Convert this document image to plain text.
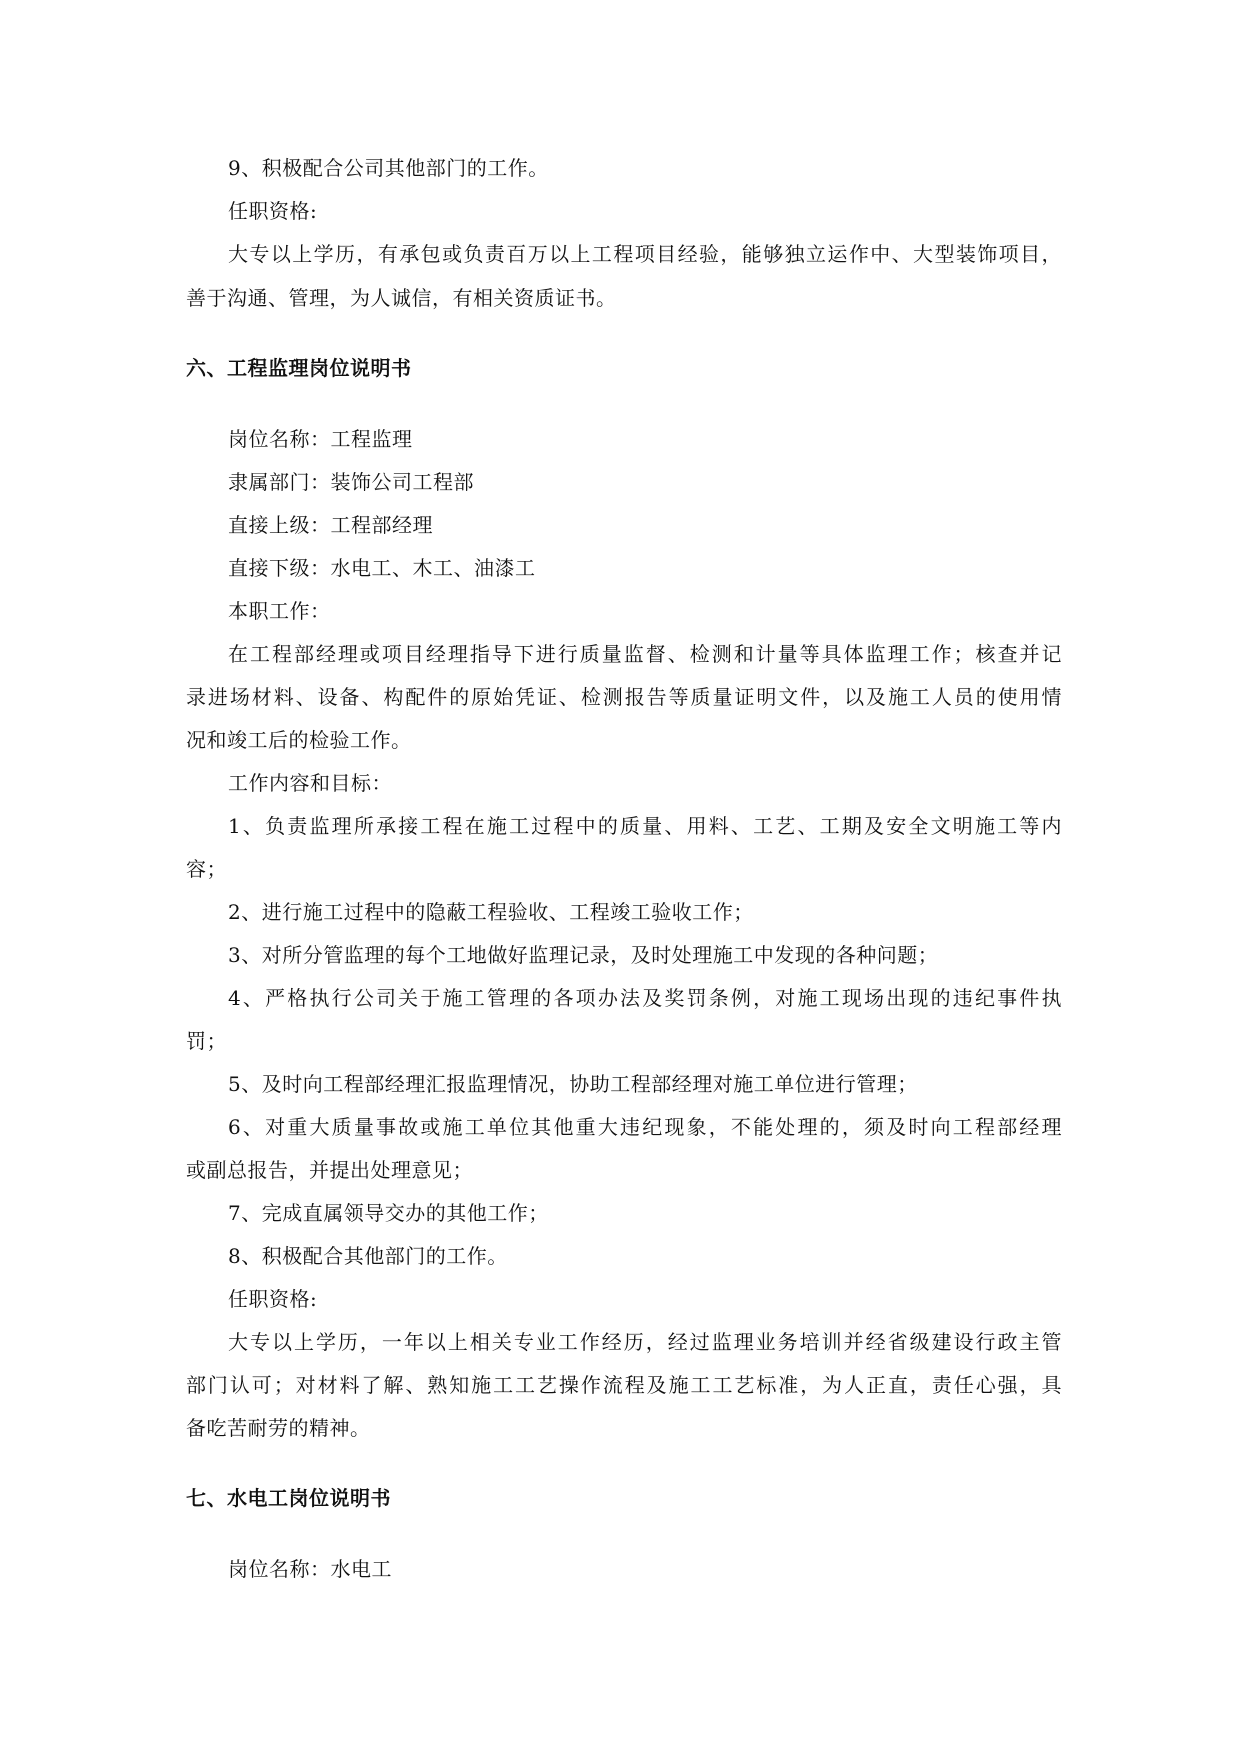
9、积极配合公司其他部门的工作。
任职资格:
大专以上学历，有承包或负责百万以上工程项目经验，能够独立运作中、大型装饰项目，
善于沟通、管理，为人诚信，有相关资质证书。
六、工程监理岗位说明书
岗位名称：工程监理
隶属部门：装饰公司工程部
直接上级：工程部经理
直接下级：水电工、木工、油漆工
本职工作：
在工程部经理或项目经理指导下进行质量监督、检测和计量等具体监理工作；核查并记
录进场材料、设备、构配件的原始凭证、检测报告等质量证明文件，以及施工人员的使用情
况和竣工后的检验工作。
工作内容和目标：
1、负责监理所承接工程在施工过程中的质量、用料、工艺、工期及安全文明施工等内
容；
2、进行施工过程中的隐蔽工程验收、工程竣工验收工作；
3、对所分管监理的每个工地做好监理记录，及时处理施工中发现的各种问题；
4、严格执行公司关于施工管理的各项办法及奖罚条例，对施工现场出现的违纪事件执
罚；
5、及时向工程部经理汇报监理情况，协助工程部经理对施工单位进行管理；
6、对重大质量事故或施工单位其他重大违纪现象，不能处理的，须及时向工程部经理
或副总报告，并提出处理意见；
7、完成直属领导交办的其他工作；
8、积极配合其他部门的工作。
任职资格:
大专以上学历，一年以上相关专业工作经历，经过监理业务培训并经省级建设行政主管
部门认可；对材料了解、熟知施工工艺操作流程及施工工艺标准，为人正直，责任心强，具
备吃苦耐劳的精神。
七、水电工岗位说明书
岗位名称：水电工
